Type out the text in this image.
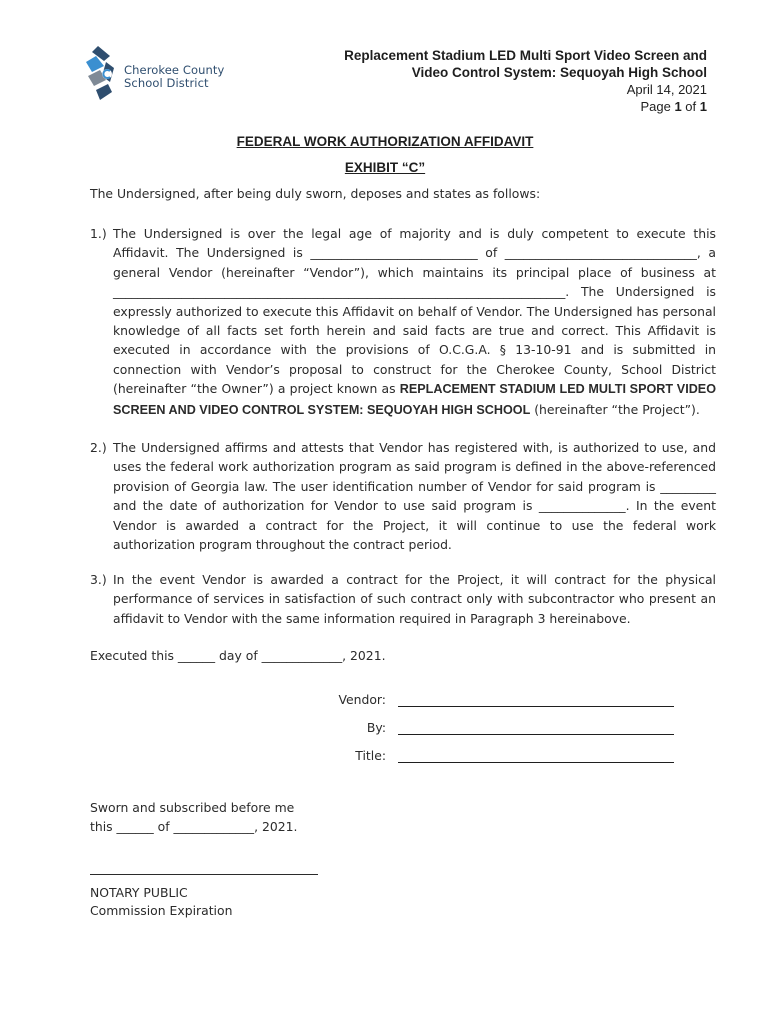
Cherokee County
School District
Replacement Stadium LED Multi Sport Video Screen and
Video Control System: Sequoyah High School
April 14, 2021
Page 1 of 1
FEDERAL WORK AUTHORIZATION AFFIDAVIT
EXHIBIT “C”
The Undersigned, after being duly sworn, deposes and states as follows:
1.) The Undersigned is over the legal age of majority and is duly competent to execute this Affidavit. The Undersigned is ___________________________ of _______________________________, a general Vendor (hereinafter “Vendor”), which maintains its principal place of business at _________________________________________________________________________. The Undersigned is expressly authorized to execute this Affidavit on behalf of Vendor. The Undersigned has personal knowledge of all facts set forth herein and said facts are true and correct. This Affidavit is executed in accordance with the provisions of O.C.G.A. § 13-10-91 and is submitted in connection with Vendor’s proposal to construct for the Cherokee County, School District (hereinafter “the Owner”) a project known as REPLACEMENT STADIUM LED MULTI SPORT VIDEO SCREEN AND VIDEO CONTROL SYSTEM: SEQUOYAH HIGH SCHOOL (hereinafter “the Project”).
2.) The Undersigned affirms and attests that Vendor has registered with, is authorized to use, and uses the federal work authorization program as said program is defined in the above-referenced provision of Georgia law. The user identification number of Vendor for said program is _________ and the date of authorization for Vendor to use said program is ______________. In the event Vendor is awarded a contract for the Project, it will continue to use the federal work authorization program throughout the contract period.
3.) In the event Vendor is awarded a contract for the Project, it will contract for the physical performance of services in satisfaction of such contract only with subcontractor who present an affidavit to Vendor with the same information required in Paragraph 3 hereinabove.
Executed this ______ day of _____________, 2021.
Vendor:
By:
Title:
Sworn and subscribed before me
this ______ of _____________, 2021.
NOTARY PUBLIC
Commission Expiration
